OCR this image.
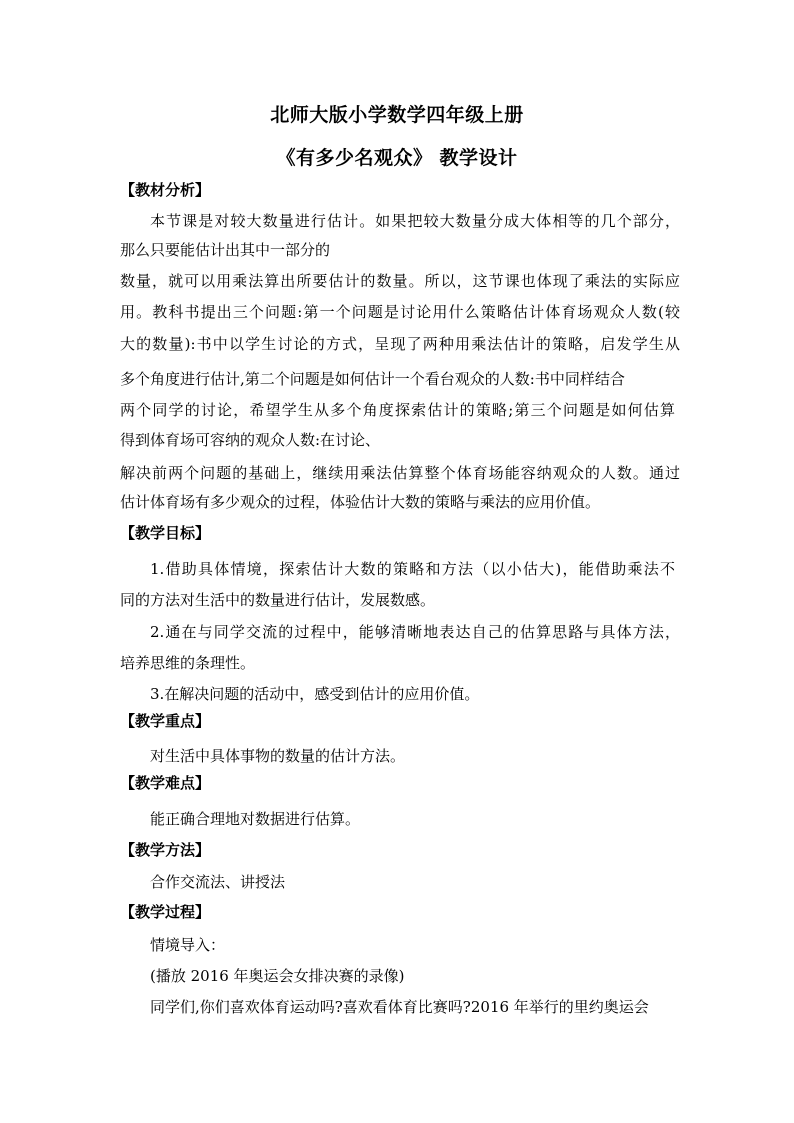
北师大版小学数学四年级上册
《有多少名观众》 教学设计
【教材分析】
本节课是对较大数量进行估计。如果把较大数量分成大体相等的几个部分，
那么只要能估计出其中一部分的
数量，就可以用乘法算出所要估计的数量。所以，这节课也体现了乘法的实际应
用。教科书提出三个问题:第一个问题是讨论用什么策略估计体育场观众人数(较
大的数量):书中以学生讨论的方式，呈现了两种用乘法估计的策略，启发学生从
多个角度进行估计,第二个问题是如何估计一个看台观众的人数:书中同样结合
两个同学的讨论，希望学生从多个角度探索估计的策略;第三个问题是如何估算
得到体育场可容纳的观众人数:在讨论、
解决前两个问题的基础上，继续用乘法估算整个体育场能容纳观众的人数。通过
估计体育场有多少观众的过程，体验估计大数的策略与乘法的应用价值。
【教学目标】
1.借助具体情境，探索估计大数的策略和方法（以小估大)，能借助乘法不
同的方法对生活中的数量进行估计，发展数感。
2.通在与同学交流的过程中，能够清晰地表达自己的估算思路与具体方法，
培养思维的条理性。
3.在解决问题的活动中，感受到估计的应用价值。
【教学重点】
对生活中具体事物的数量的估计方法。
【教学难点】
能正确合理地对数据进行估算。
【教学方法】
合作交流法、讲授法
【教学过程】
情境导入：
(播放 2016 年奥运会女排决赛的录像)
同学们,你们喜欢体育运动吗?喜欢看体育比赛吗?2016 年举行的里约奥运会
